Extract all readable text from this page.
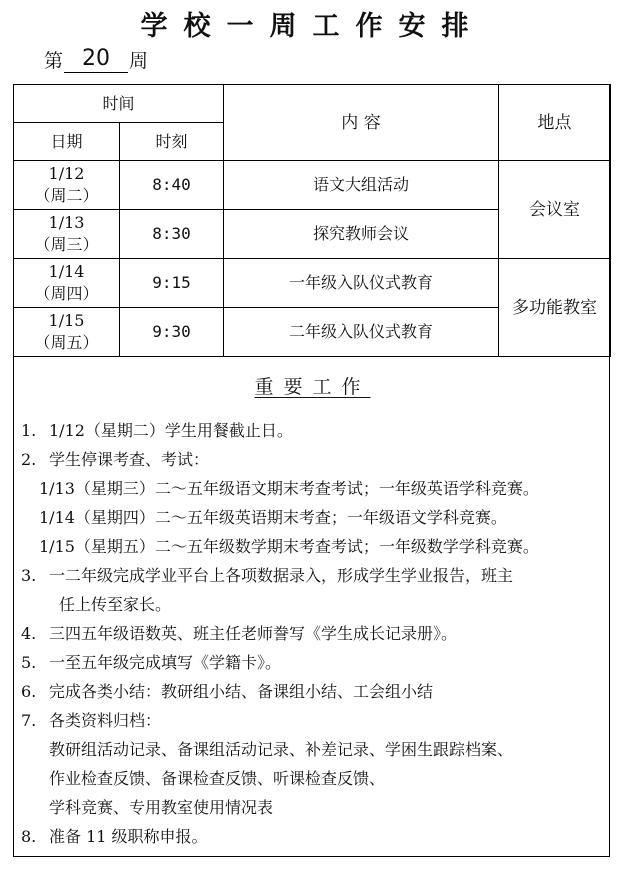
学校一周工作安排
第 20	周
时间		内 容	地点
日期	时刻		

1/12
（周二）	8:40	语文大组活动	会议室

1/13
（周三）	8:30	探究教师会议	

1/14
（周四）	9:15	一年级入队仪式教育	多功能教室

1/15
（周五）	9:30	二年级入队仪式教育	
重要工作
1. 1/12（星期二）学生用餐截止日。
2. 学生停课考查、考试：
1/13（星期三）二～五年级语文期末考查考试；一年级英语学科竞赛。
1/14（星期四）二～五年级英语期末考查；一年级语文学科竞赛。
1/15（星期五）二～五年级数学期末考查考试；一年级数学学科竞赛。
3. 一二年级完成学业平台上各项数据录入，形成学生学业报告，班主
任上传至家长。
4. 三四五年级语数英、班主任老师誊写《学生成长记录册》。
5. 一至五年级完成填写《学籍卡》。
6. 完成各类小结：教研组小结、备课组小结、工会组小结
7. 各类资料归档：
教研组活动记录、备课组活动记录、补差记录、学困生跟踪档案、
作业检查反馈、备课检查反馈、听课检查反馈、
学科竞赛、专用教室使用情况表
8. 准备 11 级职称申报。
